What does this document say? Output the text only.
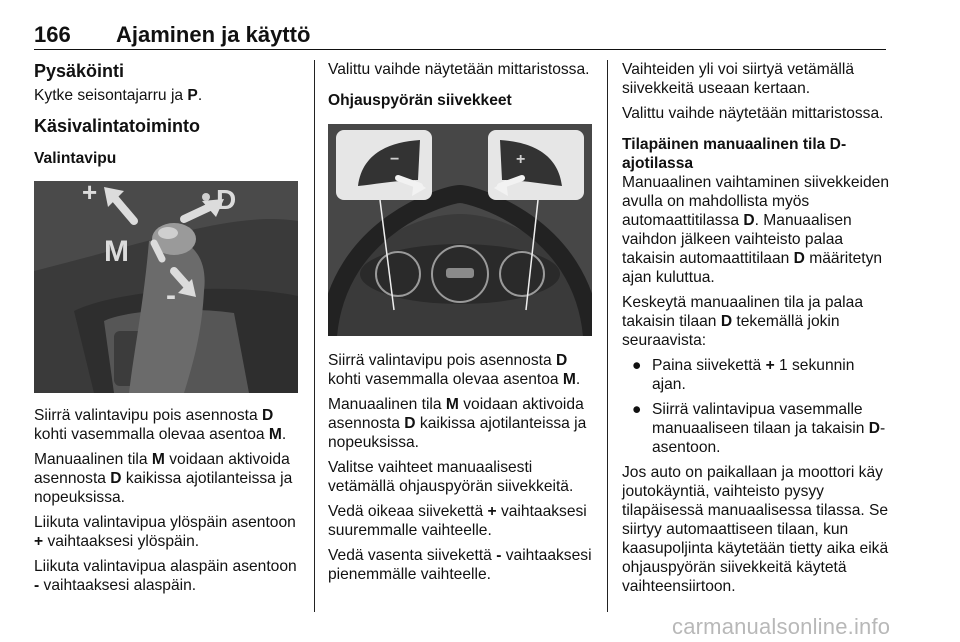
166 Ajaminen ja käyttö
Pysäköinti

Kytke seisontajarru ja P.

Käsivalintatoiminto
Valintavipu
+	D
M
-

Siirrä valintavipu pois asennosta D kohti vasemmalla olevaa asentoa M.

Manuaalinen tila M voidaan aktivoida asennosta D kaikissa ajotilanteissa ja nopeuksissa.

Liikuta valintavipua ylöspäin asentoon + vaihtaaksesi ylöspäin.

Liikuta valintavipua alaspäin asentoon - vaihtaaksesi alaspäin.

Valittu vaihde näytetään mittaristossa.

Ohjauspyörän siivekkeet
−	+

Siirrä valintavipu pois asennosta D kohti vasemmalla olevaa asentoa M.

Manuaalinen tila M voidaan aktivoida asennosta D kaikissa ajotilanteissa ja nopeuksissa.

Valitse vaihteet manuaalisesti vetämällä ohjauspyörän siivekkeitä.

Vedä oikeaa siivekettä + vaihtaaksesi suuremmalle vaihteelle.

Vedä vasenta siivekettä - vaihtaaksesi pienemmälle vaihteelle.

Vaihteiden yli voi siirtyä vetämällä siivekkeitä useaan kertaan.

Valittu vaihde näytetään mittaristossa.

Tilapäinen manuaalinen tila D-ajotilassa

Manuaalinen vaihtaminen siivekkeiden avulla on mahdollista myös automaattitilassa D. Manuaalisen vaihdon jälkeen vaihteisto palaa takaisin automaattitilaan D määritetyn ajan kuluttua.

Keskeytä manuaalinen tila ja palaa takaisin tilaan D tekemällä jokin seuraavista:

● Paina siivekettä + 1 sekunnin ajan.
● Siirrä valintavipua vasemmalle manuaaliseen tilaan ja takaisin D-asentoon.

Jos auto on paikallaan ja moottori käy joutokäyntiä, vaihteisto pysyy tilapäisessä manuaalisessa tilassa. Se siirtyy automaattiseen tilaan, kun kaasupoljinta käytetään tietty aika eikä ohjauspyörän siivekkeitä käytetä vaihteensiirtoon.

carmanualsonline.info
